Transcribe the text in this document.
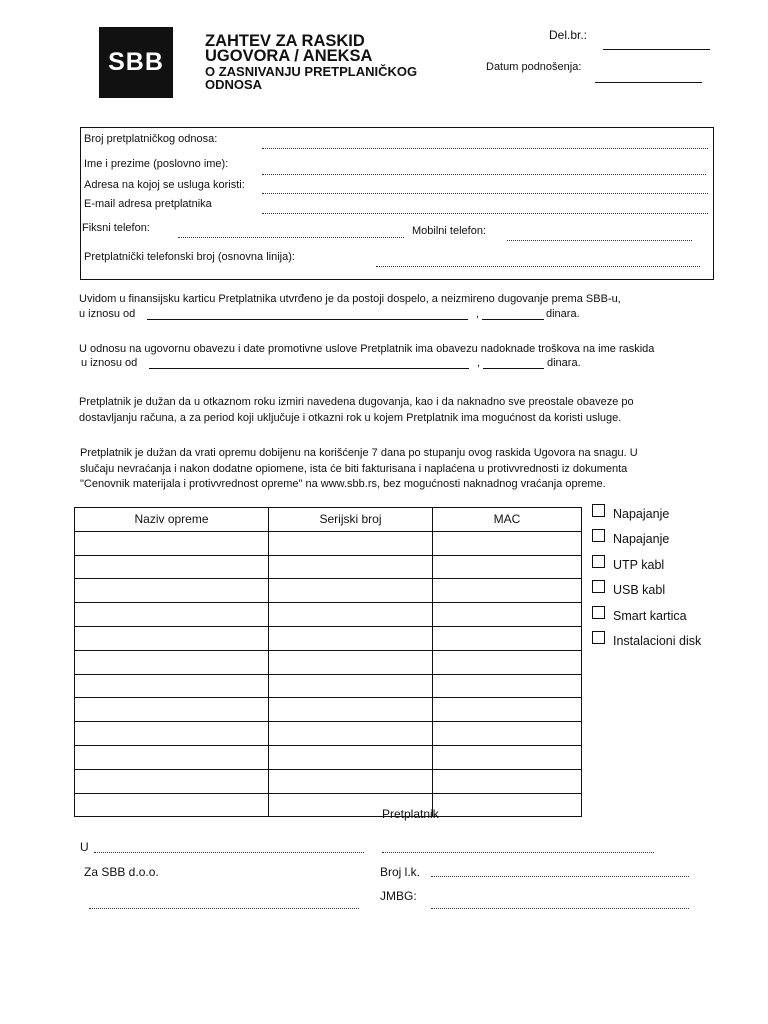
SBB
ZAHTEV ZA RASKID
UGOVORA / ANEKSA
O ZASNIVANJU PRETPLANIČKOG
ODNOSA
Del.br.:
Datum podnošenja:
Broj pretplatničkog odnosa:
Ime i prezime (poslovno ime):
Adresa na kojoj se usluga koristi:
E-mail adresa pretplatnika
Fiksni telefon:	Mobilni telefon:
Pretplatnički telefonski broj (osnovna linija):
Uvidom u finansijsku karticu Pretplatnika utvrđeno je da postoji dospelo, a neizmireno dugovanje prema SBB-u,
u iznosu od	,	dinara.
U odnosu na ugovornu obavezu i date promotivne uslove Pretplatnik ima obavezu nadoknade troškova na ime raskida
u iznosu od	,	dinara.
Pretplatnik je dužan da u otkaznom roku izmiri navedena dugovanja, kao i da naknadno sve preostale obaveze po
dostavljanju računa, a za period koji uključuje i otkazni rok u kojem Pretplatnik ima mogućnost da koristi usluge.
Pretplatnik je dužan da vrati opremu dobijenu na korišćenje 7 dana po stupanju ovog raskida Ugovora na snagu. U
slučaju nevraćanja i nakon dodatne opiomene, ista će biti fakturisana i naplaćena u protivvrednosti iz dokumenta
"Cenovnik materijala i protivvrednost opreme" na www.sbb.rs, bez mogućnosti naknadnog vraćanja opreme.
Naziv opreme	Serijski broj	MAC

			Napajanje
Napajanje
UTP kabl
USB kabl
Smart kartica
Instalacioni disk
Pretplatnik
U
Za SBB d.o.o.	Broj l.k.
JMBG:
